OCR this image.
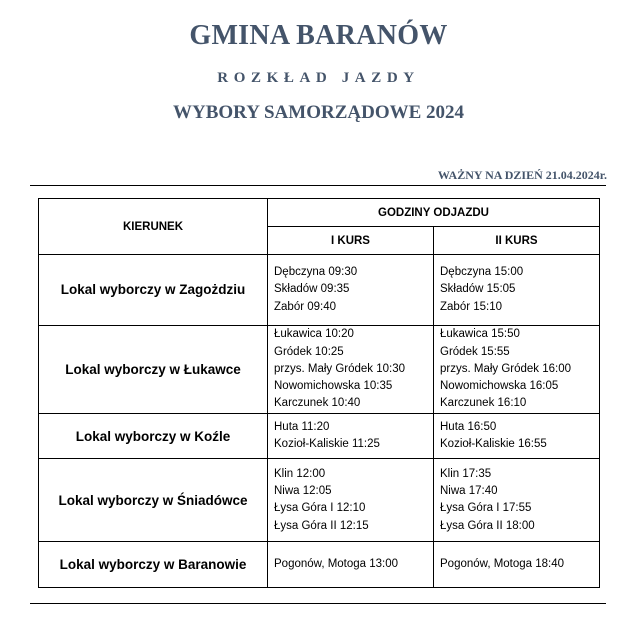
GMINA BARANÓW
ROZKŁAD JAZDY
WYBORY SAMORZĄDOWE 2024
WAŻNY NA DZIEŃ 21.04.2024r.
KIERUNEK	GODZINY ODJAZDU	
	I KURS	II KURS
Lokal wyborczy w Zagożdziu	Dębczyna 09:30
Składów 09:35
Zabór 09:40	Dębczyna 15:00
Składów 15:05
Zabór 15:10

Lokal wyborczy w Łukawce	Łukawica 10:20
Gródek 10:25
przys. Mały Gródek 10:30
Nowomichowska 10:35
Karczunek 10:40	Łukawica 15:50
Gródek 15:55
przys. Mały Gródek 16:00
Nowomichowska 16:05
Karczunek 16:10

Lokal wyborczy w Koźle	Huta 11:20
Kozioł-Kaliskie 11:25	Huta 16:50
Kozioł-Kaliskie 16:55

Lokal wyborczy w Śniadówce	Klin 12:00
Niwa 12:05
Łysa Góra I 12:10
Łysa Góra II 12:15	Klin 17:35
Niwa 17:40
Łysa Góra I 17:55
Łysa Góra II 18:00

Lokal wyborczy w Baranowie	Pogonów, Motoga 13:00	Pogonów, Motoga 18:40
